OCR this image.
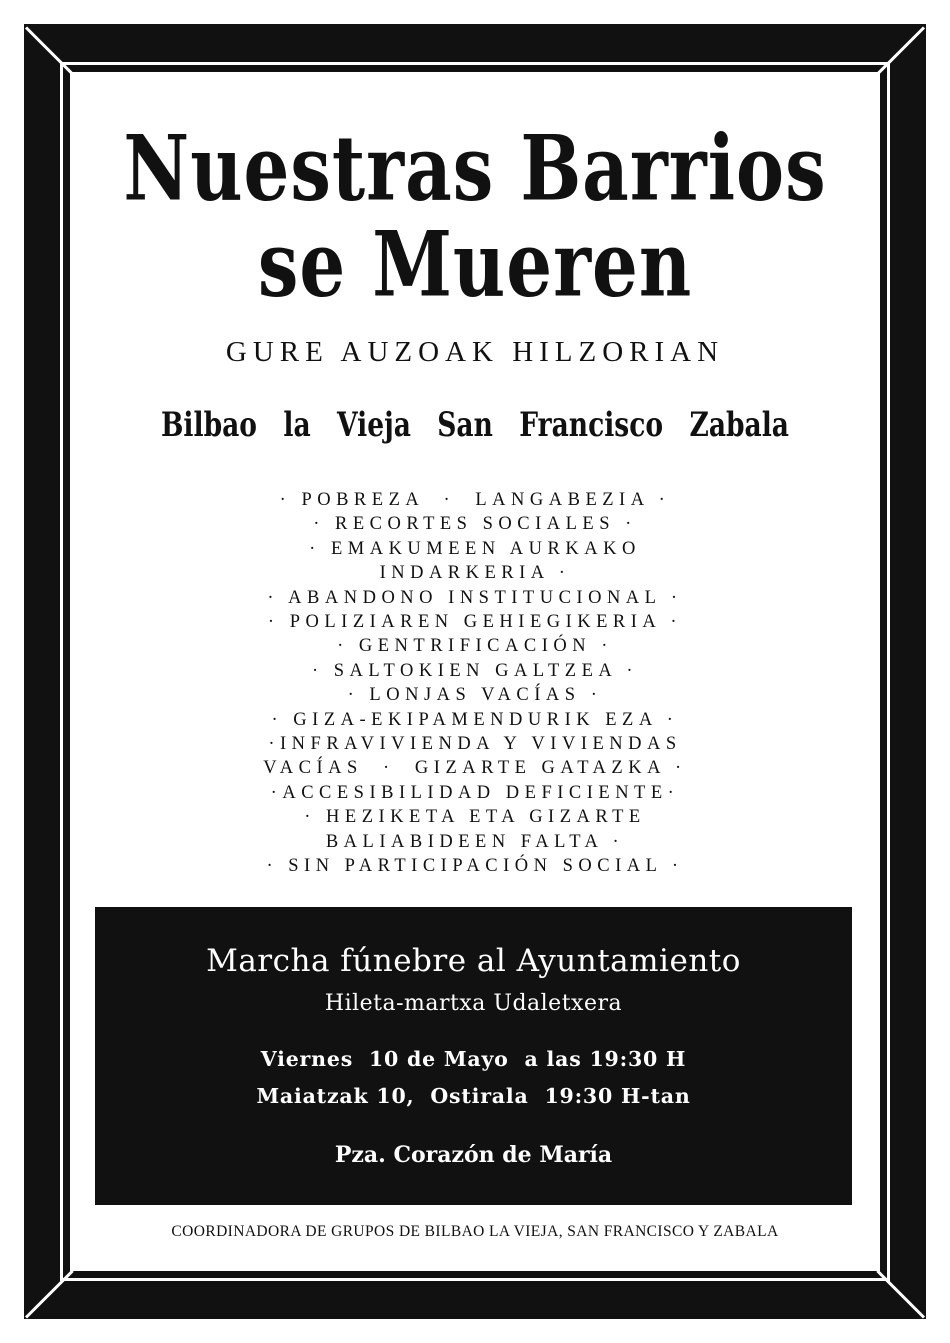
Nuestras Barrios
se Mueren
GURE AUZOAK HILZORIAN
Bilbao la Vieja San Francisco Zabala
· POBREZA  ·  LANGABEZIA ·
· RECORTES SOCIALES ·
· EMAKUMEEN AURKAKO
INDARKERIA ·
· ABANDONO INSTITUCIONAL ·
· POLIZIAREN GEHIEGIKERIA ·
· GENTRIFICACIÓN ·
· SALTOKIEN GALTZEA ·
· LONJAS VACÍAS ·
· GIZA-EKIPAMENDURIK EZA ·
·INFRAVIVIENDA Y VIVIENDAS
VACÍAS  ·  GIZARTE GATAZKA ·
·ACCESIBILIDAD DEFICIENTE·
· HEZIKETA ETA GIZARTE
BALIABIDEEN FALTA ·
· SIN PARTICIPACIÓN SOCIAL ·
Marcha fúnebre al Ayuntamiento
Hileta-martxa Udaletxera
Viernes  10 de Mayo  a las 19:30 H
Maiatzak 10,  Ostirala  19:30 H-tan
Pza. Corazón de María
COORDINADORA DE GRUPOS DE BILBAO LA VIEJA, SAN FRANCISCO Y ZABALA
